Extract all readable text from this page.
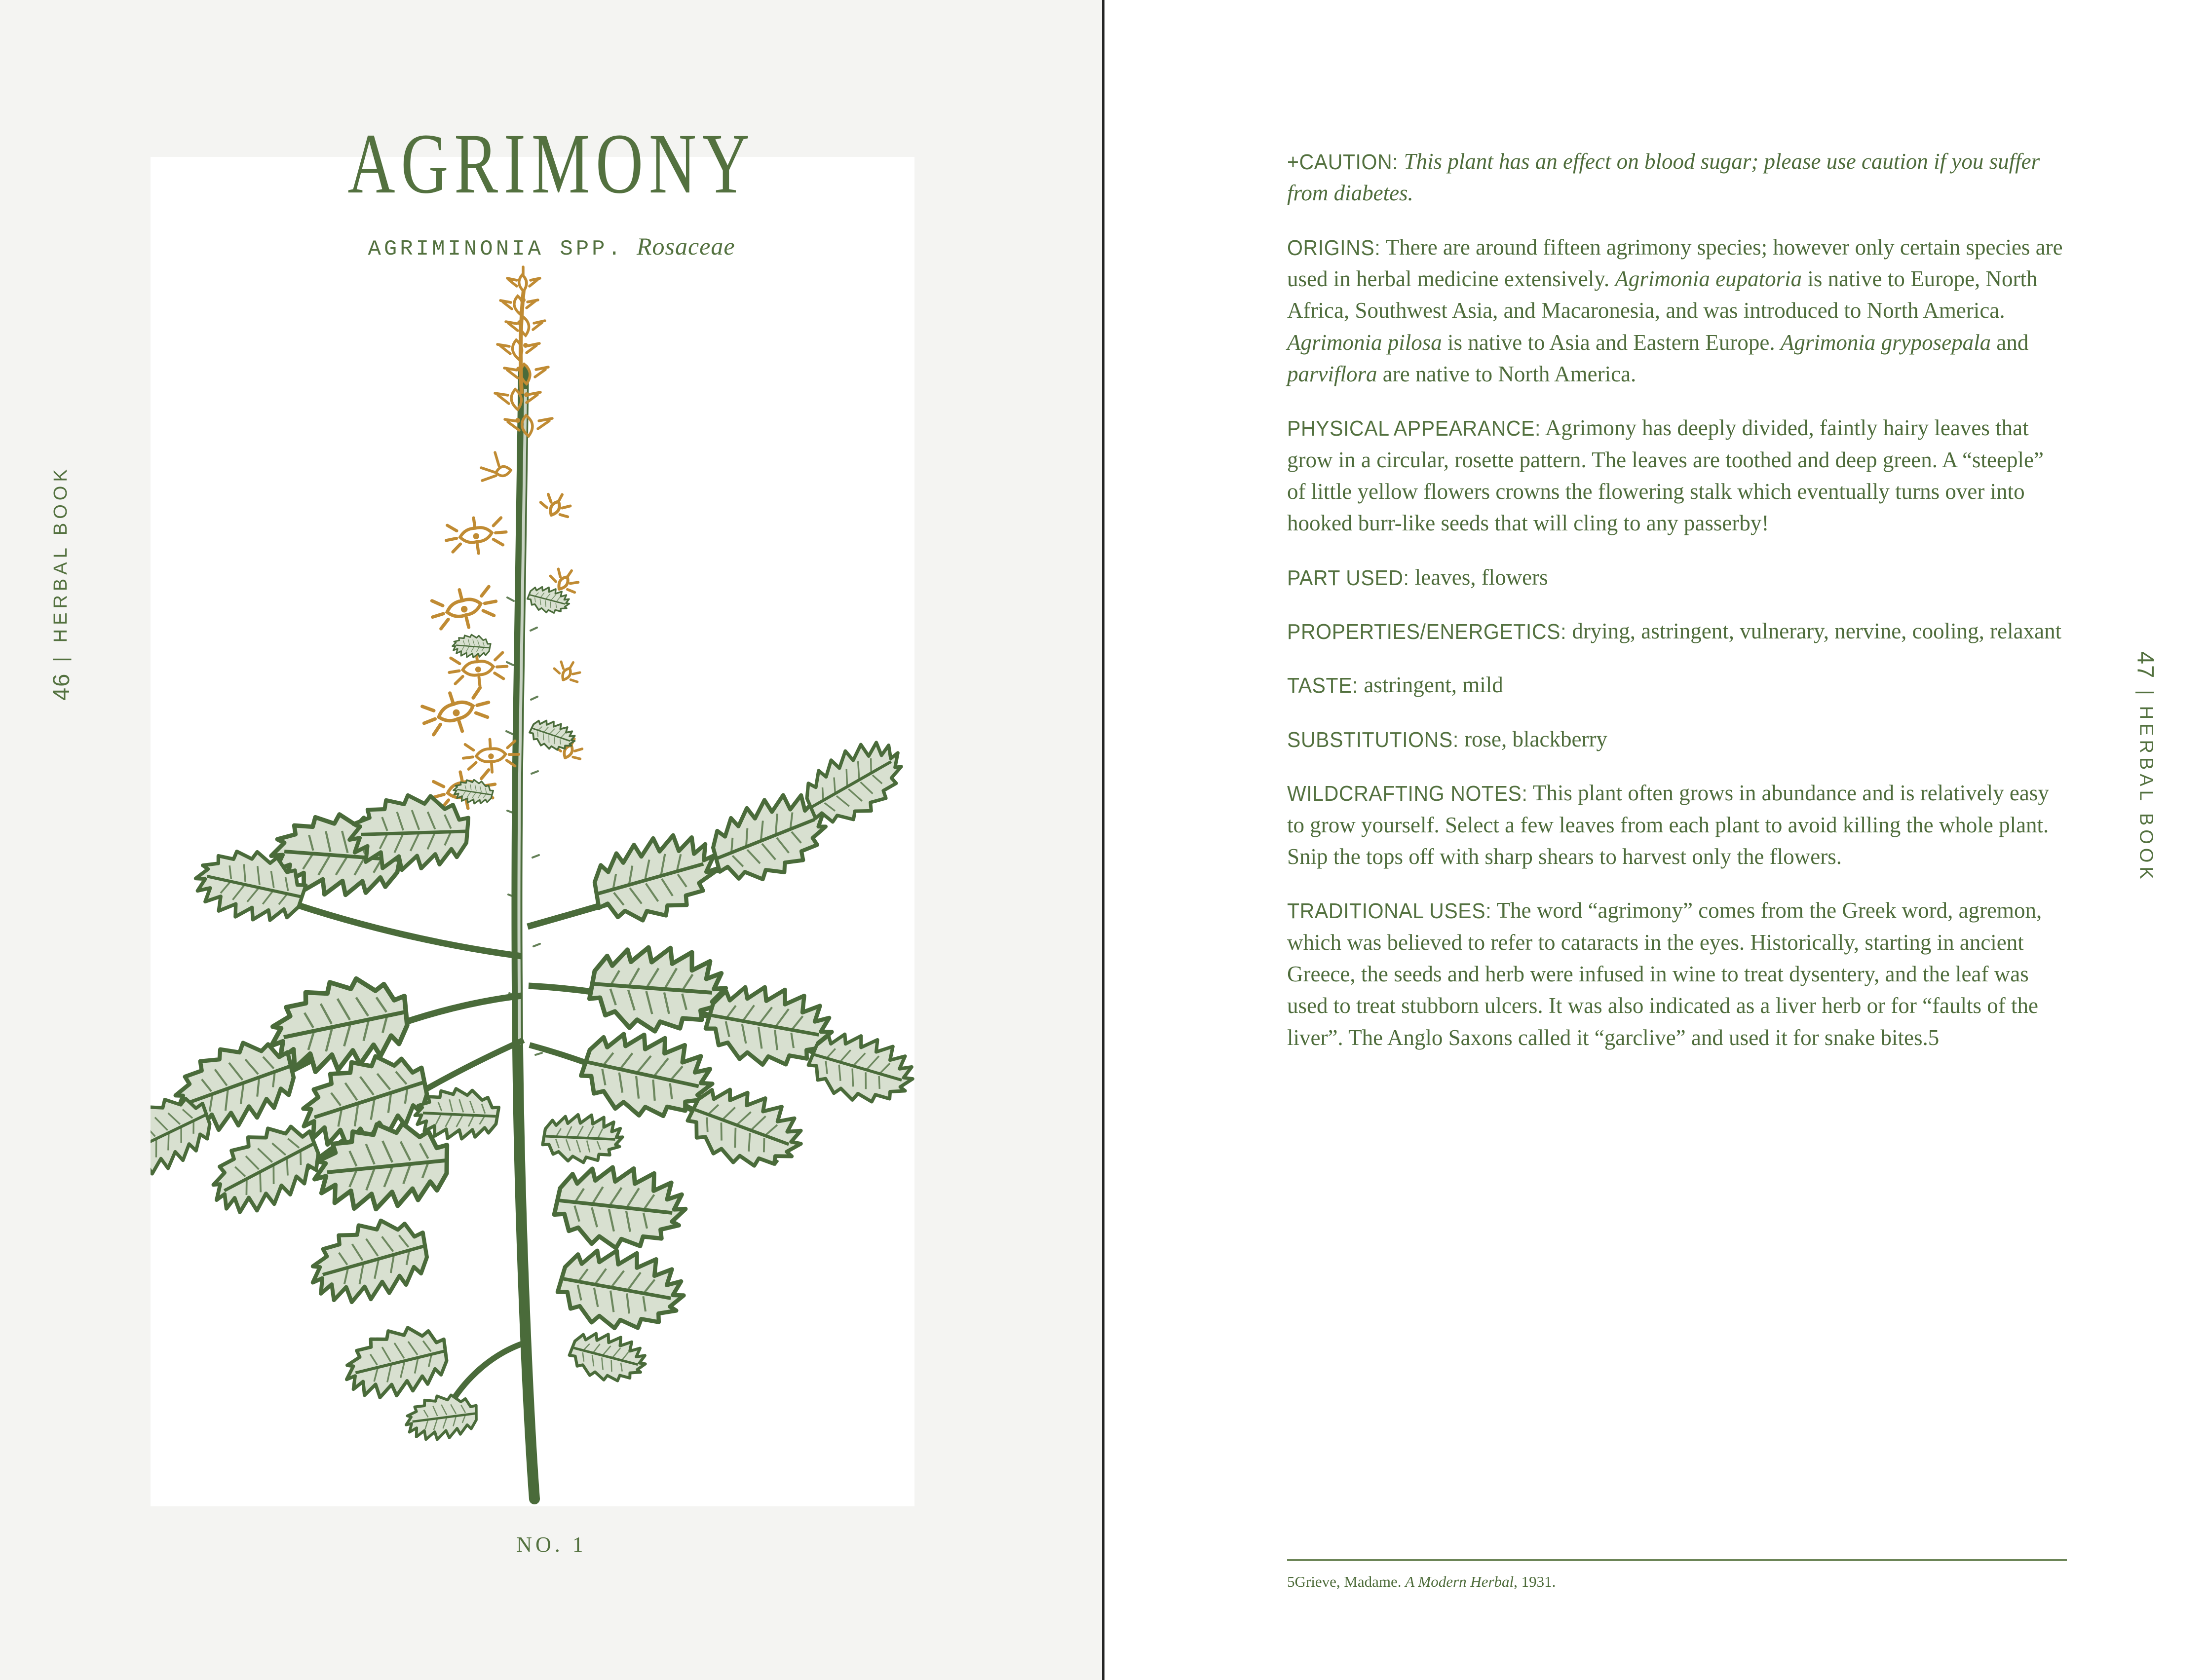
46
|
HERBAL BOOK
AGRIMONY
AGRIMINONIA SPP. Rosaceae
NO. 1
47
|
HERBAL BOOK

+CAUTION: This plant has an effect on blood sugar; please use caution if you suffer from diabetes.

ORIGINS: There are around fifteen agrimony species; however only certain species are used in herbal medicine extensively. Agrimonia eupatoria is native to Europe, North Africa, Southwest Asia, and Macaronesia, and was introduced to North America. Agrimonia pilosa is native to Asia and Eastern Europe. Agrimonia gryposepala and parviflora are native to North America.

PHYSICAL APPEARANCE: Agrimony has deeply divided, faintly hairy leaves that grow in a circular, rosette pattern. The leaves are toothed and deep green. A “steeple” of little yellow flowers crowns the flowering stalk which eventually turns over into hooked burr-like seeds that will cling to any passerby!

PART USED: leaves, flowers

PROPERTIES/ENERGETICS: drying, astringent, vulnerary, nervine, cooling, relaxant

TASTE: astringent, mild

SUBSTITUTIONS: rose, blackberry

WILDCRAFTING NOTES: This plant often grows in abundance and is relatively easy to grow yourself. Select a few leaves from each plant to avoid killing the whole plant. Snip the tops off with sharp shears to harvest only the flowers.

TRADITIONAL USES: The word “agrimony” comes from the Greek word, agremon, which was believed to refer to cataracts in the eyes. Historically, starting in ancient Greece, the seeds and herb were infused in wine to treat dysentery, and the leaf was used to treat stubborn ulcers. It was also indicated as a liver herb or for “faults of the liver”. The Anglo Saxons called it “garclive” and used it for snake bites.5

5Grieve, Madame. A Modern Herbal, 1931.
